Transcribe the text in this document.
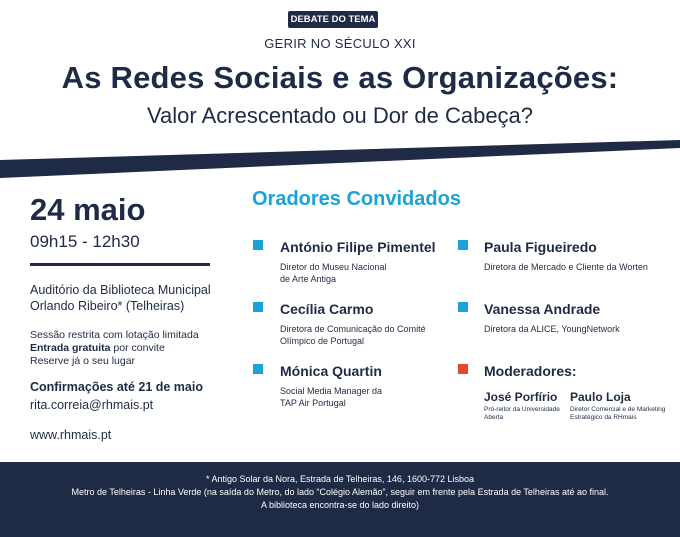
DEBATE DO TEMA
GERIR NO SÉCULO XXI
As Redes Sociais e as Organizações:
Valor Acrescentado ou Dor de Cabeça?
24 maio
09h15 - 12h30
Auditório da Biblioteca Municipal
Orlando Ribeiro* (Telheiras)
Sessão restrita com lotação limitada
Entrada gratuita por convite
Reserve já o seu lugar
Confirmações até 21 de maio
rita.correia@rhmais.pt
www.rhmais.pt
Oradores Convidados
António Filipe Pimentel
Diretor do Museu Nacional
de Arte Antiga
Cecília Carmo
Diretora de Comunicação do Comité
Olímpico de Portugal
Mónica Quartin
Social Media Manager da
TAP Air Portugal
Paula Figueiredo
Diretora de Mercado e Cliente da Worten
Vanessa Andrade
Diretora da ALICE, YoungNetwork
Moderadores:
José Porfírio
Pró-reitor da Universidade
Aberta
Paulo Loja
Diretor Comercial e de Marketing
Estratégico da RHmais
* Antigo Solar da Nora, Estrada de Telheiras, 146, 1600-772 Lisboa
Metro de Telheiras - Linha Verde (na saída do Metro, do lado “Colégio Alemão”, seguir em frente pela Estrada de Telheiras até ao final.
A biblioteca encontra-se do lado direito)
